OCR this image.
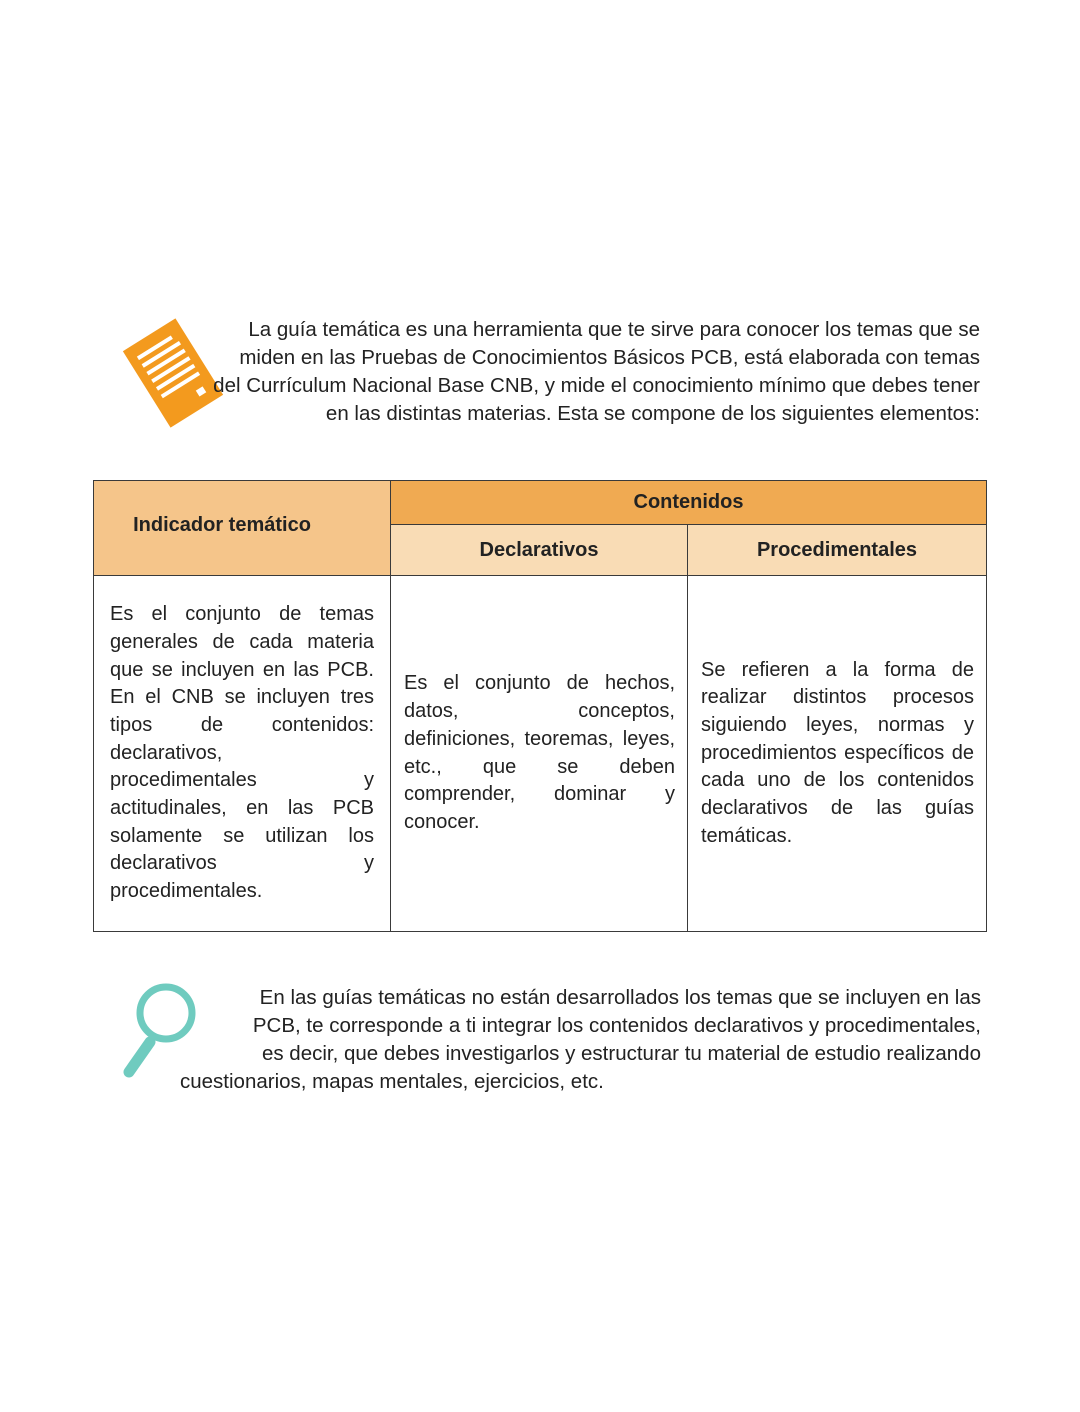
La guía temática es una herramienta que te sirve para conocer los temas que se miden en las Pruebas de Conocimientos Básicos PCB, está elaborada con temas del Currículum Nacional Base CNB, y mide el conocimiento mínimo que debes tener en las distintas materias. Esta se compone de los siguientes elementos:

Indicador temático	Contenidos	
	Declarativos	Procedimentales
Es el conjunto de temas generales de cada materia que se incluyen en las PCB. En el CNB se incluyen tres tipos de contenidos: declarativos, procedimentales y actitudinales, en las PCB solamente se utilizan los declarativos y procedimentales.	Es el conjunto de hechos, datos, conceptos, definiciones, teoremas, leyes, etc., que se deben comprender, dominar y conocer.	Se refieren a la forma de realizar distintos procesos siguiendo leyes, normas y procedimientos específicos de cada uno de los contenidos declarativos de las guías temáticas.

En las guías temáticas no están desarrollados los temas que se incluyen en las
PCB, te corresponde a ti integrar los contenidos declarativos y procedimentales,
es decir, que debes investigarlos y estructurar tu material de estudio realizando
cuestionarios, mapas mentales, ejercicios, etc.
